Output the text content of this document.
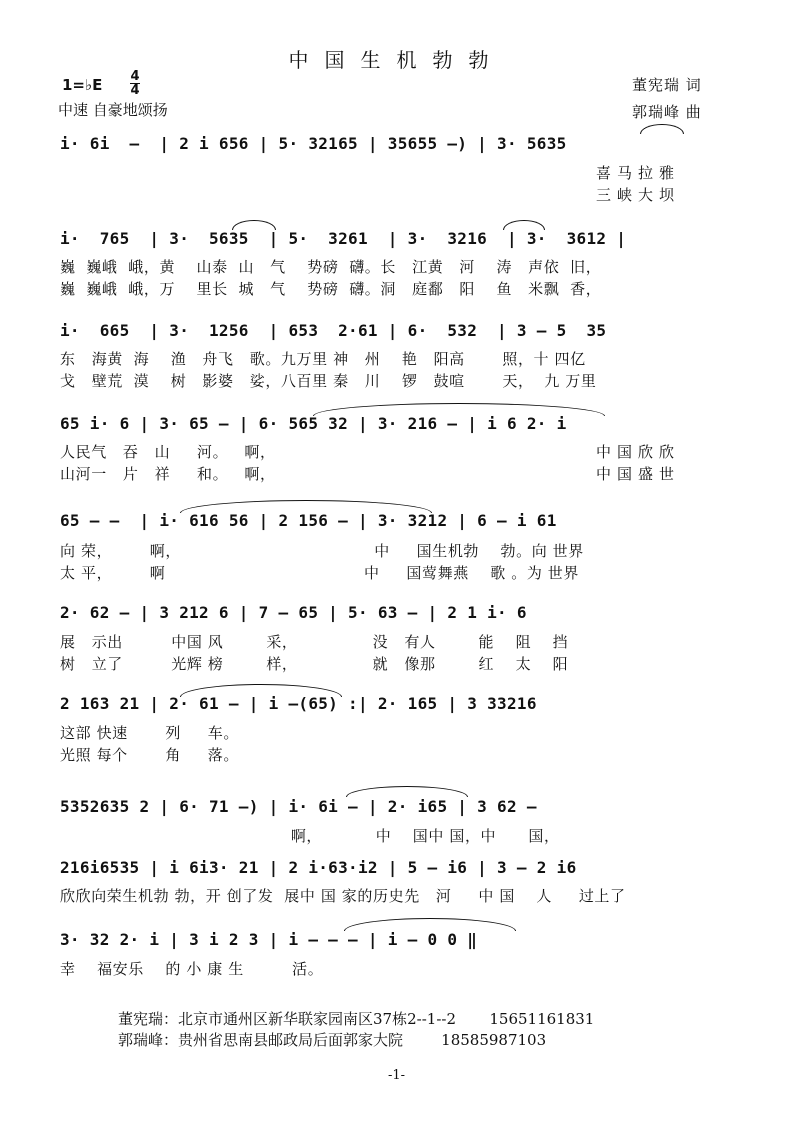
中国生机勃勃
1=♭E 4
4
中速 自豪地颂扬
董宪瑞 词
郭瑞峰 曲
i· 6i  –  | 2 i 656 | 5· 32165 | 35655 –) | 3· 5635
喜马拉雅
三峡大坝
i·  765  | 3·  5635  | 5·  3261  | 3·  3216  | 3·  3612 |
巍  巍峨  峨，黄    山泰  山   气    势磅  礴。长   江黄   河    涛   声依  旧，
巍  巍峨  峨，万    里长  城   气    势磅  礴。洞   庭鄱   阳    鱼   米飘  香，
i·  665  | 3·  1256  | 653  2·61 | 6·  532  | 3 – 5  35
东   海黄  海    渔   舟飞   歌。九万里 神   州    艳   阳高       照，十 四亿
戈   壁荒  漠    树   影婆   娑，八百里 秦   川    锣   鼓喧       天，  九 万里
65 i· 6 | 3· 65 – | 6· 565 32 | 3· 216 – | i 6 2· i
人民气   吞   山     河。   啊，
山河一   片   祥     和。   啊，
中国欣欣
中国盛世
65 – –  | i· 616 56 | 2 156 – | 3· 3212 | 6 – i 61
向 荣，       啊，                                    中     国生机勃    勃。向 世界
太 平，       啊                                     中     国莺舞燕    歌 。为 世界
2· 62 – | 3 212 6 | 7 – 65 | 5· 63 – | 2 1 i· 6
展   示出         中国 风        采，              没   有人        能    阻    挡
树   立了         光辉 榜        样，              就   像那        红    太    阳
2 163 21 | 2· 61 – | i –(65) :| 2· 165 | 3 33216
这部 快速       列     车。
光照 每个       角     落。
5352635 2 | 6· 71 –) | i· 6i – | 2· i65 | 3 62 –
啊，          中    国中 国，中      国，
216i6535 | i 6i3· 21 | 2 i·63·i2 | 5 – i6 | 3 – 2 i6
欣欣向荣生机勃 勃，开 创了发  展中 国 家的历史先   河     中 国    人     过上了
3· 32 2· i | 3 i 2 3 | i – – – | i – 0 0 ‖
幸    福安乐    的 小 康 生         活。
董宪瑞：北京市通州区新华联家园南区37栋2--1--2       15651161831
郭瑞峰：贵州省思南县邮政局后面郭家大院        18585987103
-1-
